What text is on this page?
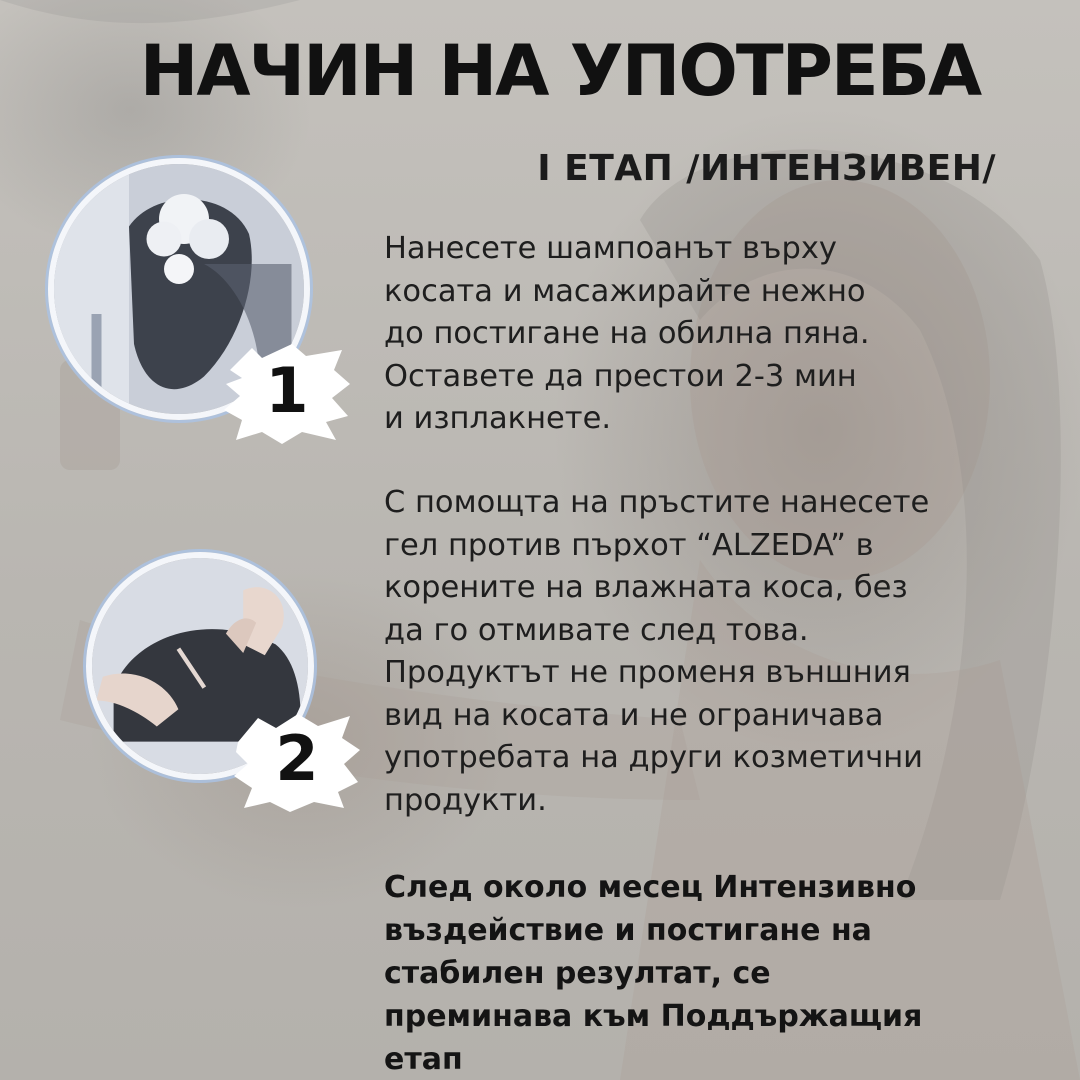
НАЧИН НА УПОТРЕБА
I ЕТАП /ИНТЕНЗИВЕН/
1

Нанесете шампоанът върху
косата и масажирайте нежно
до постигане на обилна пяна.
Оставете да престои 2-3 мин
и изплакнете.

2

С помощта на пръстите нанесете
гел против пърхот “ALZEDA” в
корените на влажната коса, без
да го отмивате след това.
Продуктът не променя външния
вид на косата и не ограничава
употребата на други козметични
продукти.

След около месец Интензивно
въздействие и постигане на
стабилен резултат, се
преминава към Поддържащия
етап
